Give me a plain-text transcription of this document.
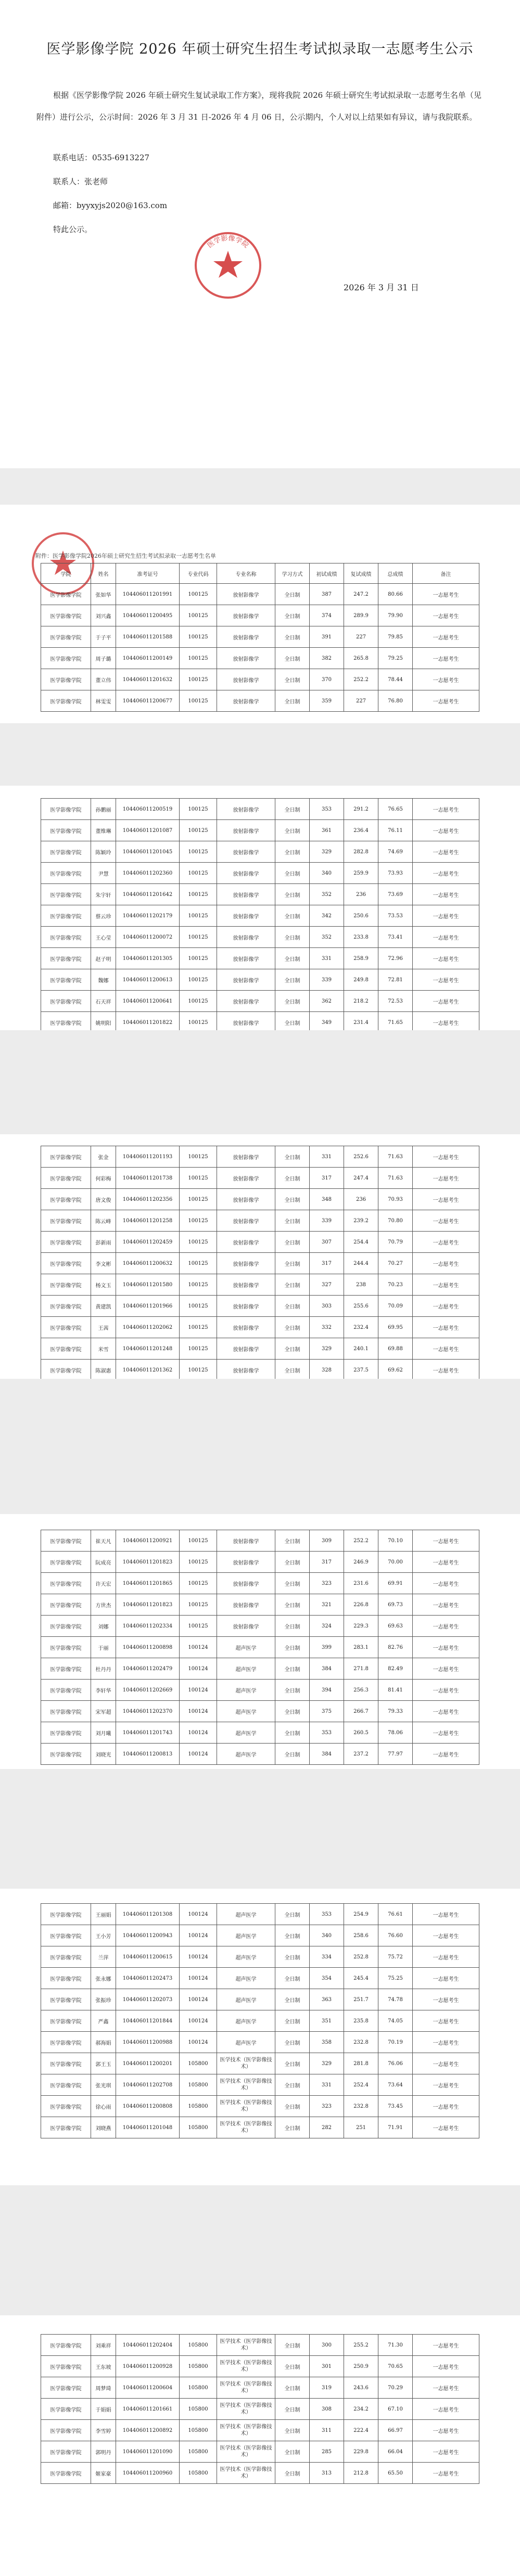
医学影像学院 2026 年硕士研究生招生考试拟录取一志愿考生公示
根据《医学影像学院 2026 年硕士研究生复试录取工作方案》，现将我院 2026 年硕士研究生考试拟录取一志愿考生名单（见附件）进行公示，公示时间：2026 年 3 月 31 日-2026 年 4 月 06 日，公示期内，个人对以上结果如有异议，请与我院联系。
联系电话：0535-6913227
联系人：张老师
邮箱：byyxyjs2020@163.com
特此公示。
医学影像学院
2026 年 3 月 31 日
附件：医学影像学院2026年硕士研究生招生考试拟录取一志愿考生名单
学院	姓名	准考证号	专业代码	专业名称	学习方式	初试成绩	复试成绩	总成绩	备注
医学影像学院	张如华	104406011201991	100125	放射影像学	全日制	387	247.2	80.66	一志愿考生
医学影像学院	刘兴鑫	104406011200495	100125	放射影像学	全日制	374	289.9	79.90	一志愿考生
医学影像学院	于子平	104406011201588	100125	放射影像学	全日制	391	227	79.85	一志愿考生
医学影像学院	周子璐	104406011200149	100125	放射影像学	全日制	382	265.8	79.25	一志愿考生
医学影像学院	董立伟	104406011201632	100125	放射影像学	全日制	370	252.2	78.44	一志愿考生
医学影像学院	林雯雯	104406011200677	100125	放射影像学	全日制	359	227	76.80	一志愿考生
医学影像学院	孙鹏丽	104406011200519	100125	放射影像学	全日制	353	291.2	76.65	一志愿考生
医学影像学院	董维琳	104406011201087	100125	放射影像学	全日制	361	236.4	76.11	一志愿考生
医学影像学院	陈颖玲	104406011201045	100125	放射影像学	全日制	329	282.8	74.69	一志愿考生
医学影像学院	尹慧	104406011202360	100125	放射影像学	全日制	340	259.9	73.93	一志愿考生
医学影像学院	朱宇轩	104406011201642	100125	放射影像学	全日制	352	236	73.69	一志愿考生
医学影像学院	蔡云珍	104406011202179	100125	放射影像学	全日制	342	250.6	73.53	一志愿考生
医学影像学院	王心莹	104406011200072	100125	放射影像学	全日制	352	233.8	73.41	一志愿考生
医学影像学院	赵子明	104406011201305	100125	放射影像学	全日制	331	258.9	72.96	一志愿考生
医学影像学院	魏娜	104406011200613	100125	放射影像学	全日制	339	249.8	72.81	一志愿考生
医学影像学院	石天祥	104406011200641	100125	放射影像学	全日制	362	218.2	72.53	一志愿考生
医学影像学院	姚明阳	104406011201822	100125	放射影像学	全日制	349	231.4	71.65	一志愿考生
医学影像学院	张金	104406011201193	100125	放射影像学	全日制	331	252.6	71.63	一志愿考生
医学影像学院	何彩梅	104406011201738	100125	放射影像学	全日制	317	247.4	71.63	一志愿考生
医学影像学院	唐文俊	104406011202356	100125	放射影像学	全日制	348	236	70.93	一志愿考生
医学影像学院	陈云峰	104406011201258	100125	放射影像学	全日制	339	239.2	70.80	一志愿考生
医学影像学院	彭新雨	104406011202459	100125	放射影像学	全日制	307	254.4	70.79	一志愿考生
医学影像学院	李文彬	104406011200632	100125	放射影像学	全日制	317	244.4	70.27	一志愿考生
医学影像学院	杨文玉	104406011201580	100125	放射影像学	全日制	327	238	70.23	一志愿考生
医学影像学院	黄建凯	104406011201966	100125	放射影像学	全日制	303	255.6	70.09	一志愿考生
医学影像学院	王茜	104406011202062	100125	放射影像学	全日制	332	232.4	69.95	一志愿考生
医学影像学院	米雪	104406011201248	100125	放射影像学	全日制	329	240.1	69.88	一志愿考生
医学影像学院	陈淑惠	104406011201362	100125	放射影像学	全日制	328	237.5	69.62	一志愿考生
医学影像学院	崔天凡	104406011200921	100125	放射影像学	全日制	309	252.2	70.10	一志愿考生
医学影像学院	阮成亮	104406011201823	100125	放射影像学	全日制	317	246.9	70.00	一志愿考生
医学影像学院	许天宏	104406011201865	100125	放射影像学	全日制	323	231.6	69.91	一志愿考生
医学影像学院	方世杰	104406011201823	100125	放射影像学	全日制	321	226.8	69.73	一志愿考生
医学影像学院	刘娜	104406011202334	100125	放射影像学	全日制	324	229.3	69.63	一志愿考生
医学影像学院	于丽	104406011200898	100124	超声医学	全日制	399	283.1	82.76	一志愿考生
医学影像学院	杜丹丹	104406011202479	100124	超声医学	全日制	384	271.8	82.49	一志愿考生
医学影像学院	李轩华	104406011202669	100124	超声医学	全日制	394	256.3	81.41	一志愿考生
医学影像学院	宋军超	104406011202370	100124	超声医学	全日制	375	266.7	79.33	一志愿考生
医学影像学院	刘月曦	104406011201743	100124	超声医学	全日制	353	260.5	78.06	一志愿考生
医学影像学院	刘晓光	104406011200813	100124	超声医学	全日制	384	237.2	77.97	一志愿考生
医学影像学院	王丽娟	104406011201308	100124	超声医学	全日制	353	254.9	76.61	一志愿考生
医学影像学院	王小芳	104406011200943	100124	超声医学	全日制	340	258.6	76.60	一志愿考生
医学影像学院	兰萍	104406011200615	100124	超声医学	全日制	334	252.8	75.72	一志愿考生
医学影像学院	张永娜	104406011202473	100124	超声医学	全日制	354	245.4	75.25	一志愿考生
医学影像学院	张振珍	104406011202073	100124	超声医学	全日制	363	251.7	74.78	一志愿考生
医学影像学院	严鑫	104406011201844	100124	超声医学	全日制	351	235.8	74.05	一志愿考生
医学影像学院	郝海娟	104406011200988	100124	超声医学	全日制	358	232.8	70.19	一志愿考生
医学影像学院	郭王玉	104406011200201	105800	医学技术（医学影像技术）	全日制	329	281.8	76.06	一志愿考生
医学影像学院	张光琪	104406011202708	105800	医学技术（医学影像技术）	全日制	331	252.4	73.64	一志愿考生
医学影像学院	徐心雨	104406011200808	105800	医学技术（医学影像技术）	全日制	323	232.8	73.45	一志愿考生
医学影像学院	刘晓燕	104406011201048	105800	医学技术（医学影像技术）	全日制	282	251	71.91	一志愿考生
医学影像学院	刘乘祥	104406011202404	105800	医学技术（医学影像技术）	全日制	300	255.2	71.30	一志愿考生
医学影像学院	王东坡	104406011200928	105800	医学技术（医学影像技术）	全日制	301	250.9	70.65	一志愿考生
医学影像学院	周梦琦	104406011200604	105800	医学技术（医学影像技术）	全日制	319	243.6	70.29	一志愿考生
医学影像学院	于娟娟	104406011201661	105800	医学技术（医学影像技术）	全日制	308	234.2	67.10	一志愿考生
医学影像学院	李雪婷	104406011200892	105800	医学技术（医学影像技术）	全日制	311	222.4	66.97	一志愿考生
医学影像学院	郭明丹	104406011201090	105800	医学技术（医学影像技术）	全日制	285	229.8	66.04	一志愿考生
医学影像学院	姬家豪	104406011200960	105800	医学技术（医学影像技术）	全日制	313	212.8	65.50	一志愿考生
